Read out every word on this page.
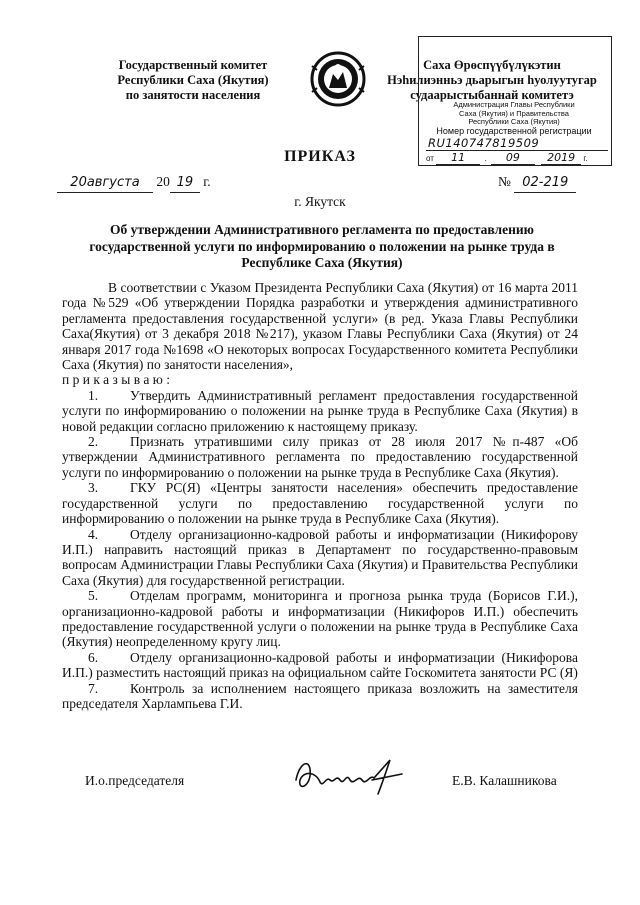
Государственный комитет
Республики Саха (Якутия)
по занятости населения
Саха Өрөспүүбүлүкэтин
Нэһилиэнньэ дьарыгын һуолуутугар
судаарыстыбаннай комитетэ
Администрация Главы Республики
Саха (Якутия) и Правительства
Республики Саха (Якутия)
Номер государственной регистрации
RU140747819509
от 11 . 09 2019 г.
ПРИКАЗ
20августа 20 19 г.	№ 02-219
г. Якутск
Об утверждении Административного регламента по предоставлению
государственной услуги по информированию о положении на рынке труда в
Республике Саха (Якутия)

В соответствии с Указом Президента Республики Саха (Якутия) от 16 марта 2011 года №529 «Об утверждении Порядка разработки и утверждения административного регламента предоставления государственной услуги» (в ред. Указа Главы Республики Саха(Якутия) от 3 декабря 2018 №217), указом Главы Республики Саха (Якутия) от 24 января 2017 года №1698 «О некоторых вопросах Государственного комитета Республики Саха (Якутия) по занятости населения»,

приказываю:

1. Утвердить Административный регламент предоставления государственной услуги по информированию о положении на рынке труда в Республике Саха (Якутия) в новой редакции согласно приложению к настоящему приказу.

2. Признать утратившими силу приказ от 28 июля 2017 №п-487 «Об утверждении Административного регламента по предоставлению государственной услуги по информированию о положении на рынке труда в Республике Саха (Якутия).

3. ГКУ РС(Я) «Центры занятости населения» обеспечить предоставление государственной услуги по предоставлению государственной услуги по информированию о положении на рынке труда в Республике Саха (Якутия).

4. Отделу организационно-кадровой работы и информатизации (Никифорову И.П.) направить настоящий приказ в Департамент по государственно-правовым вопросам Администрации Главы Республики Саха (Якутия) и Правительства Республики Саха (Якутия) для государственной регистрации.

5. Отделам программ, мониторинга и прогноза рынка труда (Борисов Г.И.), организационно-кадровой работы и информатизации (Никифоров И.П.) обеспечить предоставление государственной услуги о положении на рынке труда в Республике Саха (Якутия) неопределенному кругу лиц.

6. Отделу организационно-кадровой работы и информатизации (Никифорова И.П.) разместить настоящий приказ на официальном сайте Госкомитета занятости РС (Я)

7. Контроль за исполнением настоящего приказа возложить на заместителя председателя Харлампьева Г.И.

И.о.председателя	Е.В. Калашникова
